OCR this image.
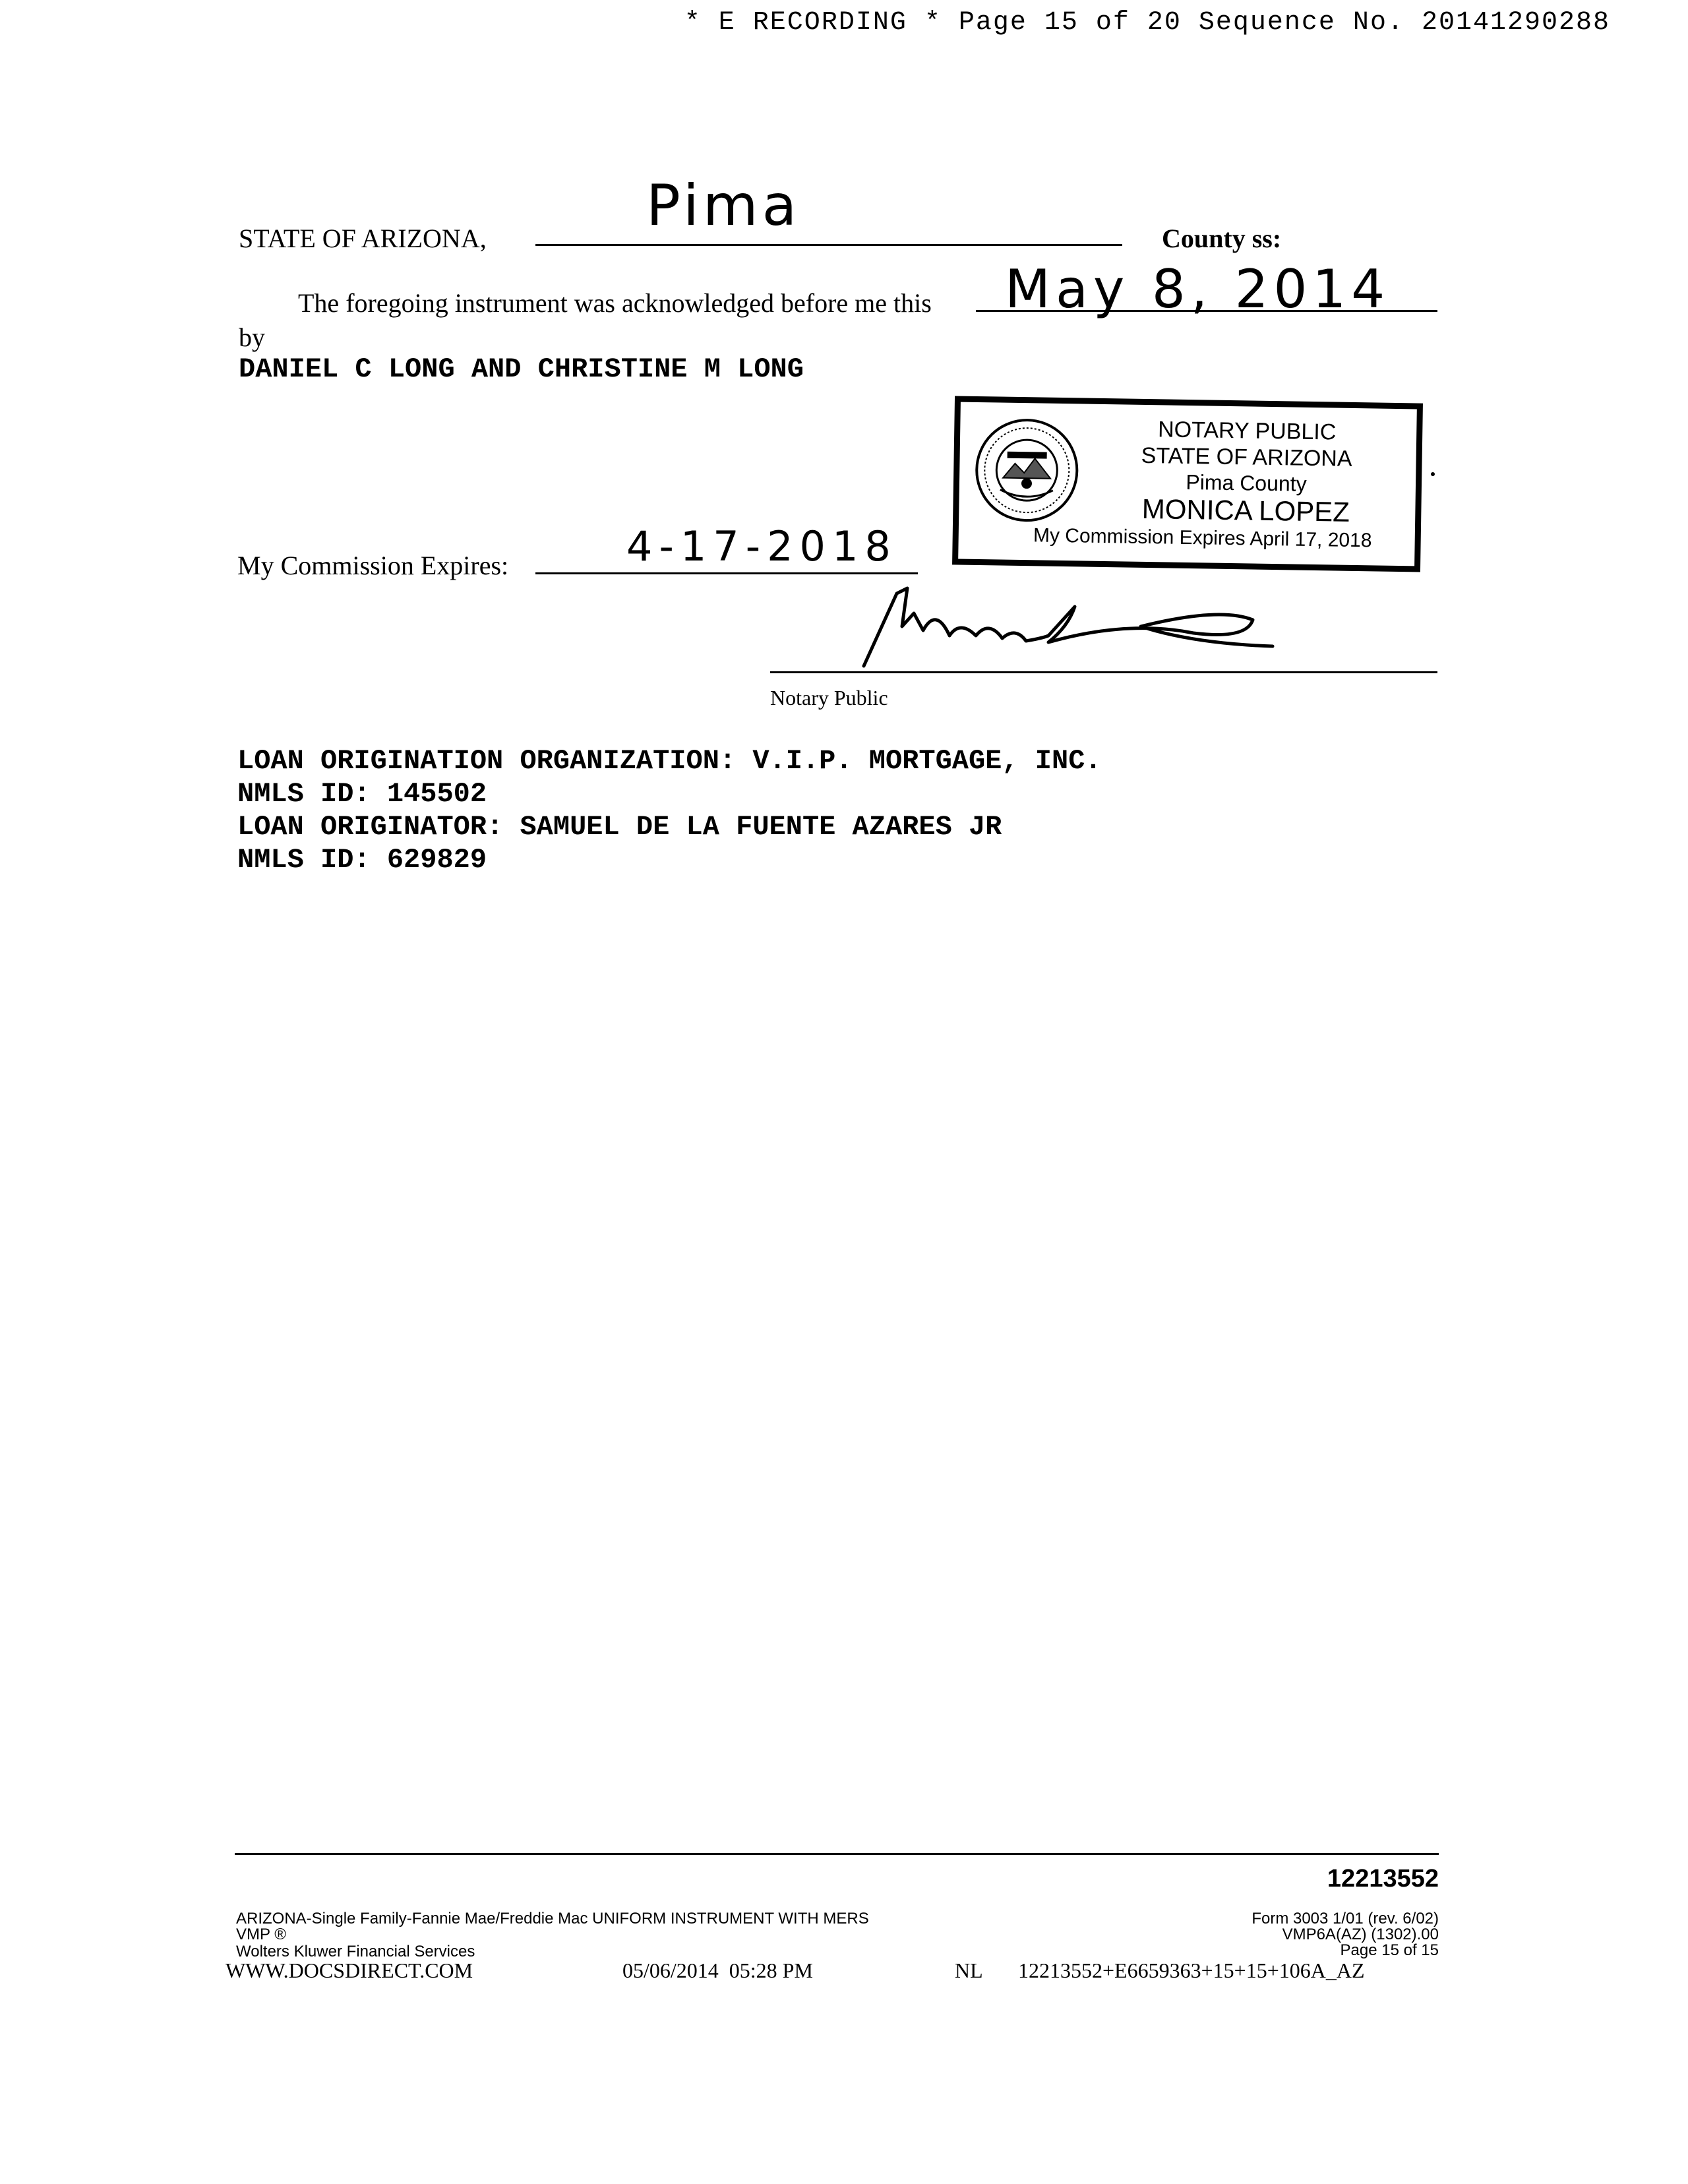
* E RECORDING * Page 15 of 20 Sequence No. 20141290288
STATE OF ARIZONA,	Pima	County ss:
The foregoing instrument was acknowledged before me this May 8, 2014
by
DANIEL C LONG AND CHRISTINE M LONG
NOTARY PUBLIC
STATE OF ARIZONA
Pima County
MONICA LOPEZ
My Commission Expires April 17, 2018
My Commission Expires:	4-17-2018
Notary Public
LOAN ORIGINATION ORGANIZATION: V.I.P. MORTGAGE, INC.
NMLS ID: 145502
LOAN ORIGINATOR: SAMUEL DE LA FUENTE AZARES JR
NMLS ID: 629829
12213552
ARIZONA-Single Family-Fannie Mae/Freddie Mac UNIFORM INSTRUMENT WITH MERS
VMP ®
Wolters Kluwer Financial Services
Form 3003 1/01 (rev. 6/02)
VMP6A(AZ) (1302).00
Page 15 of 15
WWW.DOCSDIRECT.COM	05/06/2014  05:28 PM	NL 12213552+E6659363+15+15+106A_AZ
